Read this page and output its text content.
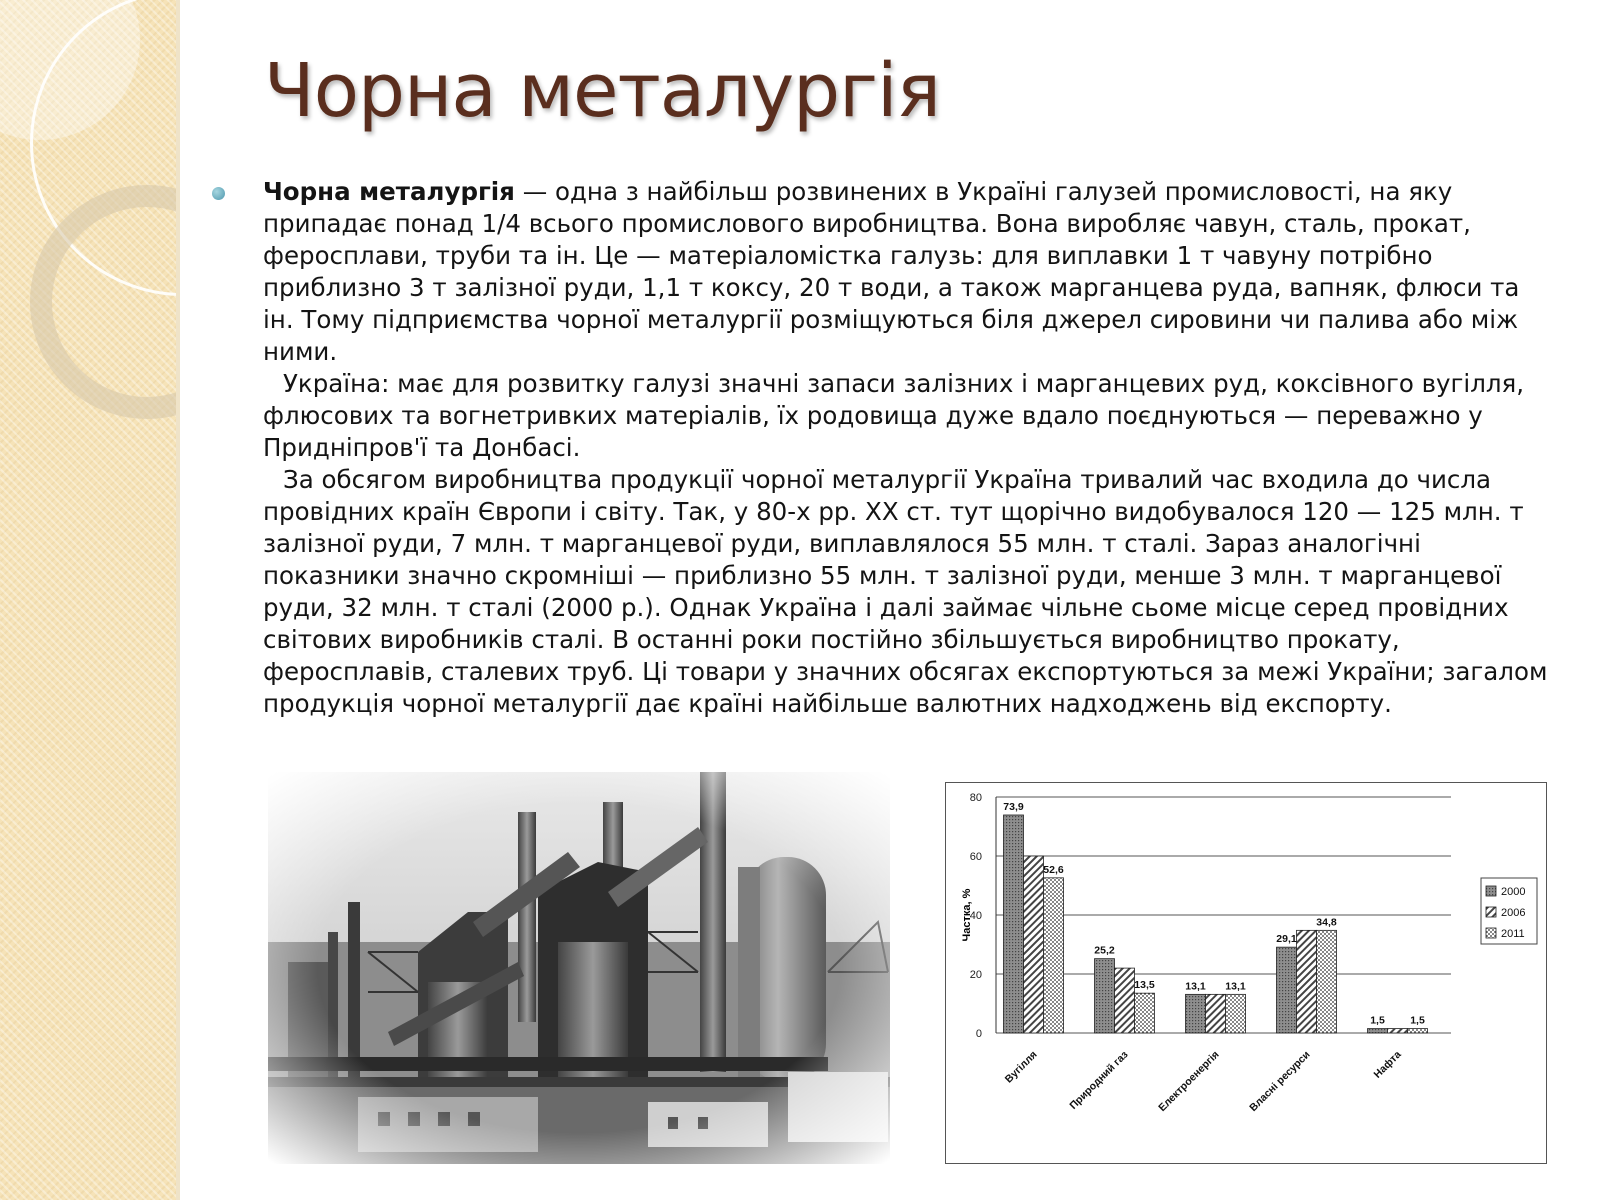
Чорна металургія

Чорна металургія — одна з найбільш розвинених в Україні галузей промисловості, на яку припадає понад 1/4 всього промислового виробництва. Вона виробляє чавун, сталь, прокат, феросплави, труби та ін. Це — матеріаломістка галузь: для виплавки 1 т чавуну потрібно приблизно 3 т залізної руди, 1,1 т коксу, 20 т води, а також марганцева руда, вапняк, флюси та ін. Тому підприємства чорної металургії розміщуються біля джерел сировини чи палива або між ними.

Україна: має для розвитку галузі значні запаси залізних і марганцевих руд, коксівного вугілля, флюсових та вогнетривких матеріалів, їх родовища дуже вдало поєднуються — переважно у Придніпров'ї та Донбасі.

За обсягом виробництва продукції чорної металургії Україна тривалий час входила до числа провідних країн Європи і світу. Так, у 80-х рр. XX ст. тут щорічно видобувалося 120 — 125 млн. т залізної руди, 7 млн. т марганцевої руди, виплавлялося 55 млн. т сталі. Зараз аналогічні показники значно скромніші — приблизно 55 млн. т залізної руди, менше 3 млн. т марганцевої руди, 32 млн. т сталі (2000 р.). Однак Україна і далі займає чільне сьоме місце серед провідних світових виробників сталі. В останні роки постійно збільшується виробництво прокату, феросплавів, сталевих труб. Ці товари у значних обсягах експортуються за межі України; загалом продукція чорної металургії дає країні найбільше валютних надходжень від експорту.

0
20
40
60
80
73,9
52,6
25,2
13,5	13,1 13,1
29,1
34,8
1,5 1,5
Вугілля	Природний газ Електроенергія Власні ресурси	Нафта
Частка, %	2000
2006
2011
